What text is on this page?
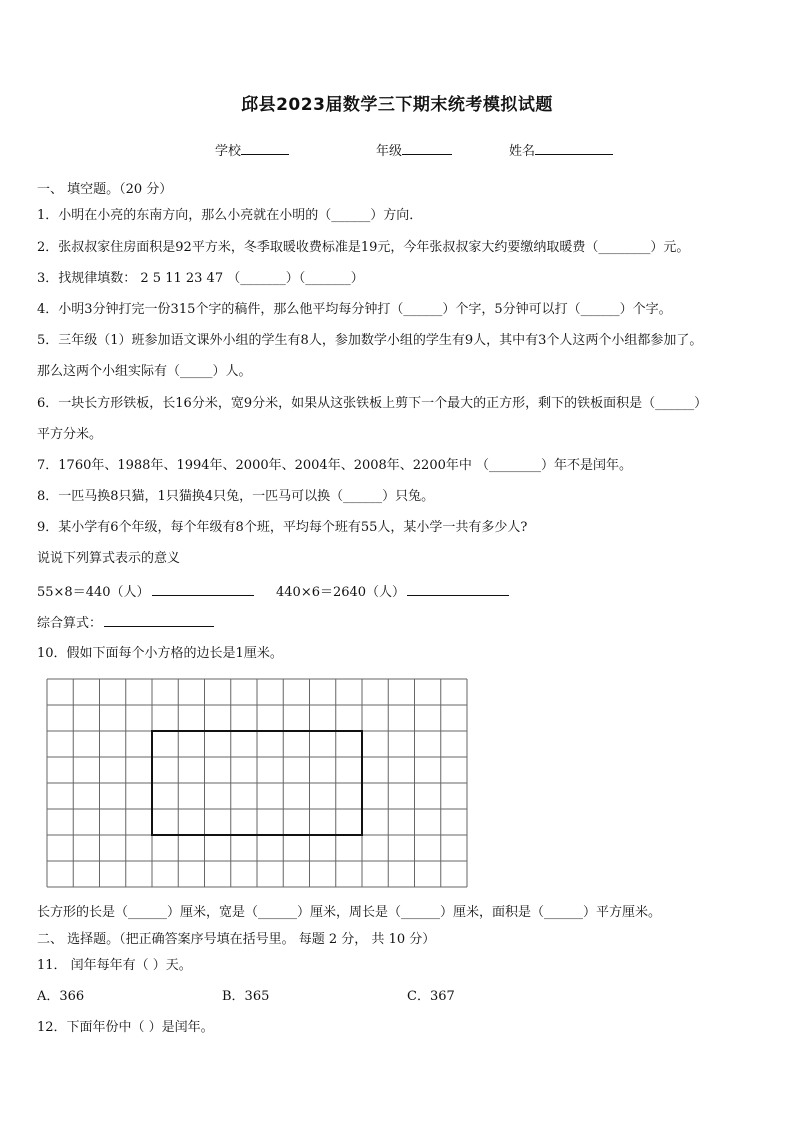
邱县2023届数学三下期末统考模拟试题
学校	年级	姓名
一、 填空题。（20 分）
1．小明在小亮的东南方向，那么小亮就在小明的（______）方向．
2．张叔叔家住房面积是92平方米，冬季取暖收费标准是19元，今年张叔叔家大约要缴纳取暖费（________）元。
3．找规律填数： 2 5 11 23 47 （_______）（_______）
4．小明3分钟打完一份315个字的稿件，那么他平均每分钟打（______）个字，5分钟可以打（______）个字。
5．三年级（1）班参加语文课外小组的学生有8人，参加数学小组的学生有9人，其中有3个人这两个小组都参加了。
那么这两个小组实际有（_____）人。
6．一块长方形铁板，长16分米，宽9分米，如果从这张铁板上剪下一个最大的正方形，剩下的铁板面积是（______）
平方分米。
7．1760年、1988年、1994年、2000年、2004年、2008年、2200年中 （________）年不是闰年。
8．一匹马换8只猫，1只猫换4只兔，一匹马可以换（______）只兔。
9．某小学有6个年级，每个年级有8个班，平均每个班有55人，某小学一共有多少人?
说说下列算式表示的意义
55×8＝440（人）	440×6＝2640（人）
综合算式：
10．假如下面每个小方格的边长是1厘米。
长方形的长是（______）厘米，宽是（______）厘米，周长是（______）厘米，面积是（______）平方厘米。
二、 选择题。（把正确答案序号填在括号里。 每题 2 分， 共 10 分）
11． 闰年每年有（ ）天。
A．366	B．365	C．367
12．下面年份中（ ）是闰年。
